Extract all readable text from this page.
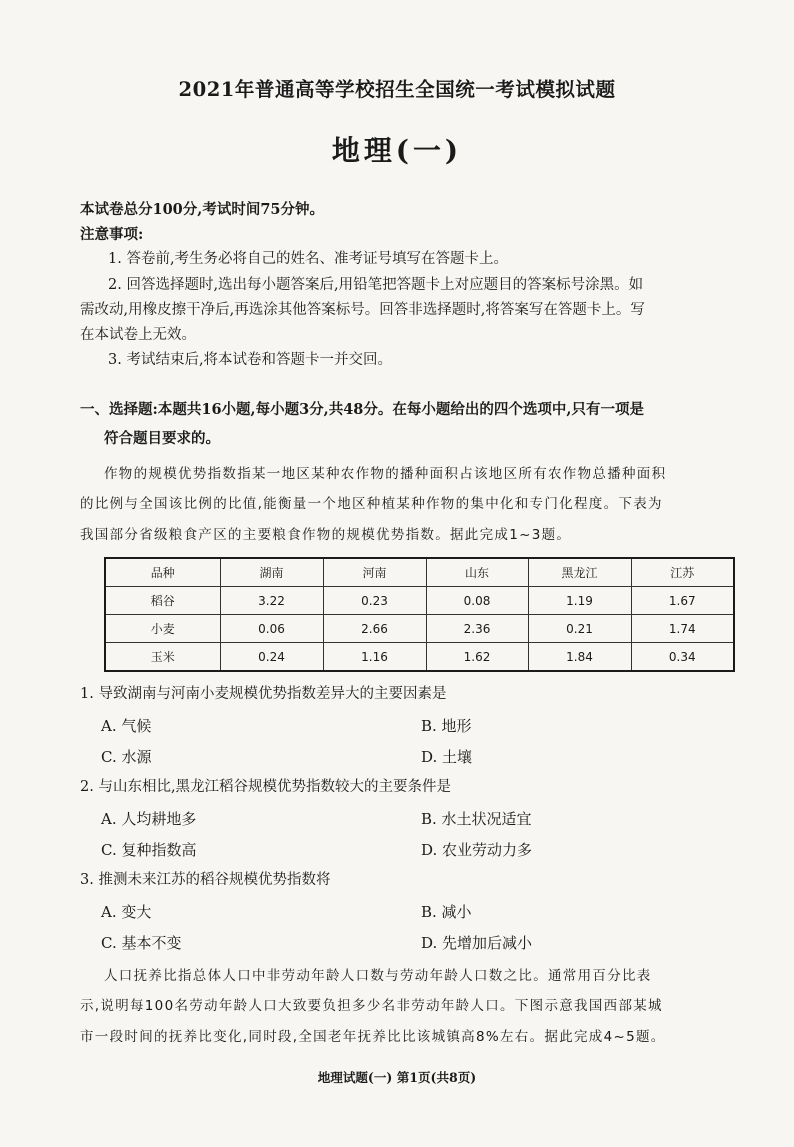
2021年普通高等学校招生全国统一考试模拟试题
地理(一)
本试卷总分100分,考试时间75分钟。
注意事项:
1. 答卷前,考生务必将自己的姓名、准考证号填写在答题卡上。
2. 回答选择题时,选出每小题答案后,用铅笔把答题卡上对应题目的答案标号涂黑。如
需改动,用橡皮擦干净后,再选涂其他答案标号。回答非选择题时,将答案写在答题卡上。写
在本试卷上无效。
3. 考试结束后,将本试卷和答题卡一并交回。
一、选择题:本题共16小题,每小题3分,共48分。在每小题给出的四个选项中,只有一项是
符合题目要求的。
作物的规模优势指数指某一地区某种农作物的播种面积占该地区所有农作物总播种面积
的比例与全国该比例的比值,能衡量一个地区种植某种作物的集中化和专门化程度。下表为
我国部分省级粮食产区的主要粮食作物的规模优势指数。据此完成1~3题。
品种	湖南	河南	山东	黑龙江	江苏
稻谷	3.22	0.23	0.08	1.19	1.67
小麦	0.06	2.66	2.36	0.21	1.74
玉米	0.24	1.16	1.62	1.84	0.34
1. 导致湖南与河南小麦规模优势指数差异大的主要因素是
A. 气候	B. 地形
C. 水源	D. 土壤
2. 与山东相比,黑龙江稻谷规模优势指数较大的主要条件是
A. 人均耕地多	B. 水土状况适宜
C. 复种指数高	D. 农业劳动力多
3. 推测未来江苏的稻谷规模优势指数将
A. 变大	B. 减小
C. 基本不变	D. 先增加后减小
人口抚养比指总体人口中非劳动年龄人口数与劳动年龄人口数之比。通常用百分比表
示,说明每100名劳动年龄人口大致要负担多少名非劳动年龄人口。下图示意我国西部某城
市一段时间的抚养比变化,同时段,全国老年抚养比比该城镇高8%左右。据此完成4~5题。
地理试题(一) 第1页(共8页)
